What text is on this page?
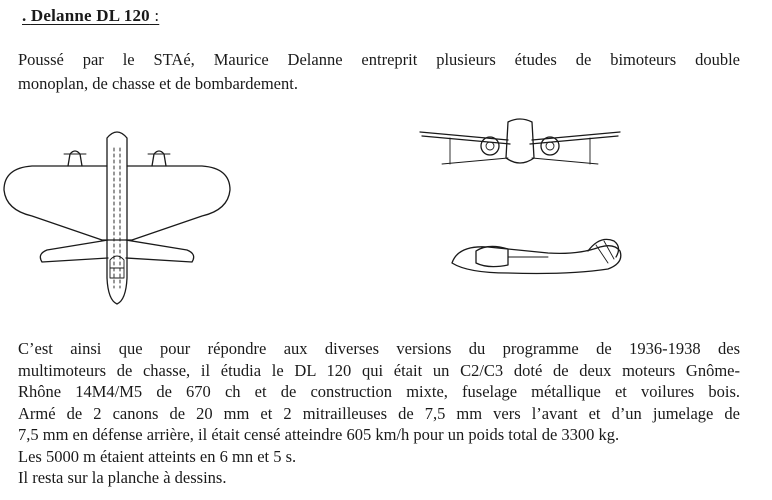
. Delanne DL 120 :
Poussé par le STAé, Maurice Delanne entreprit plusieurs études de bimoteurs double
monoplan, de chasse et de bombardement.
C’est ainsi que pour répondre aux diverses versions du programme de 1936-1938 des
multimoteurs de chasse, il étudia le DL 120 qui était un C2/C3 doté de deux moteurs Gnôme-
Rhône 14M4/M5 de 670 ch et de construction mixte, fuselage métallique et voilures bois.
Armé de 2 canons de 20 mm et 2 mitrailleuses de 7,5 mm vers l’avant et d’un jumelage de
7,5 mm en défense arrière, il était censé atteindre 605 km/h pour un poids total de 3300 kg.
Les 5000 m étaient atteints en 6 mn et 5 s.
Il resta sur la planche à dessins.
